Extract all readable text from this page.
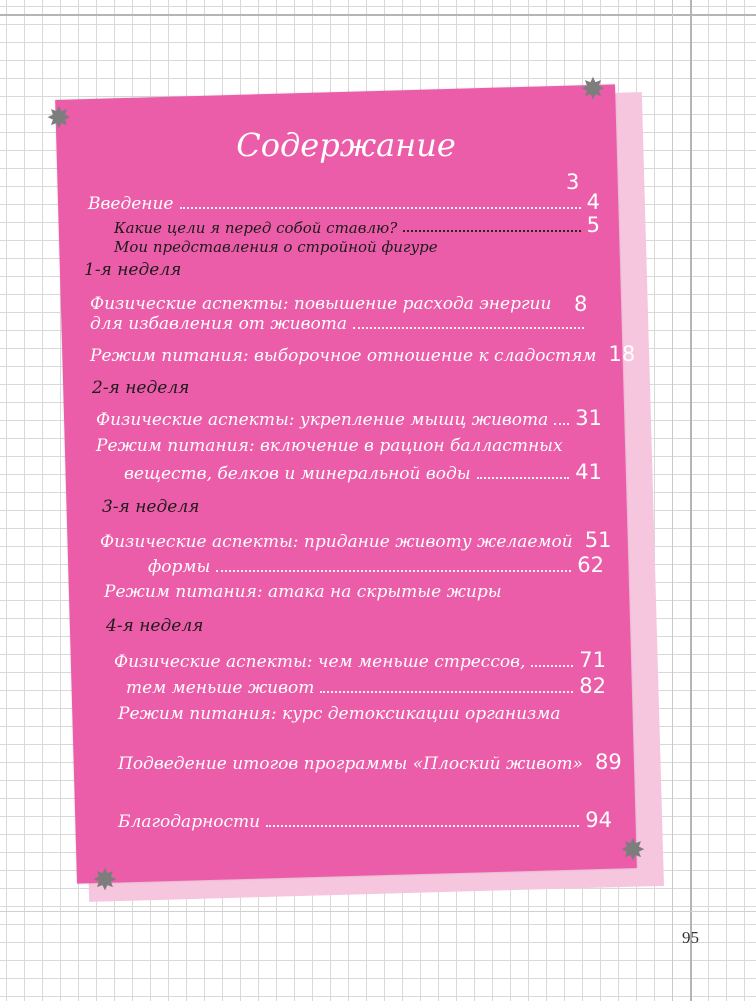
95
Содержание
3
Введение	4
Какие цели я перед собой ставлю?	5
Мои представления о стройной фигуре
1-я неделя
Физические аспекты: повышение расхода энергии 8
для избавления от живота
Режим питания: выборочное отношение к сладостям 18
2-я неделя
Физические аспекты: укрепление мышц живота 31
Режим питания: включение в рацион балластных
веществ, белков и минеральной воды	41
3-я неделя
Физические аспекты: придание животу желаемой 51
формы	62
Режим питания: атака на скрытые жиры
4-я неделя
Физические аспекты: чем меньше стрессов,	71
тем меньше живот	82
Режим питания: курс детоксикации организма
Подведение итогов программы «Плоский живот» 89
Благодарности	94
✸
✸
✸
✸
